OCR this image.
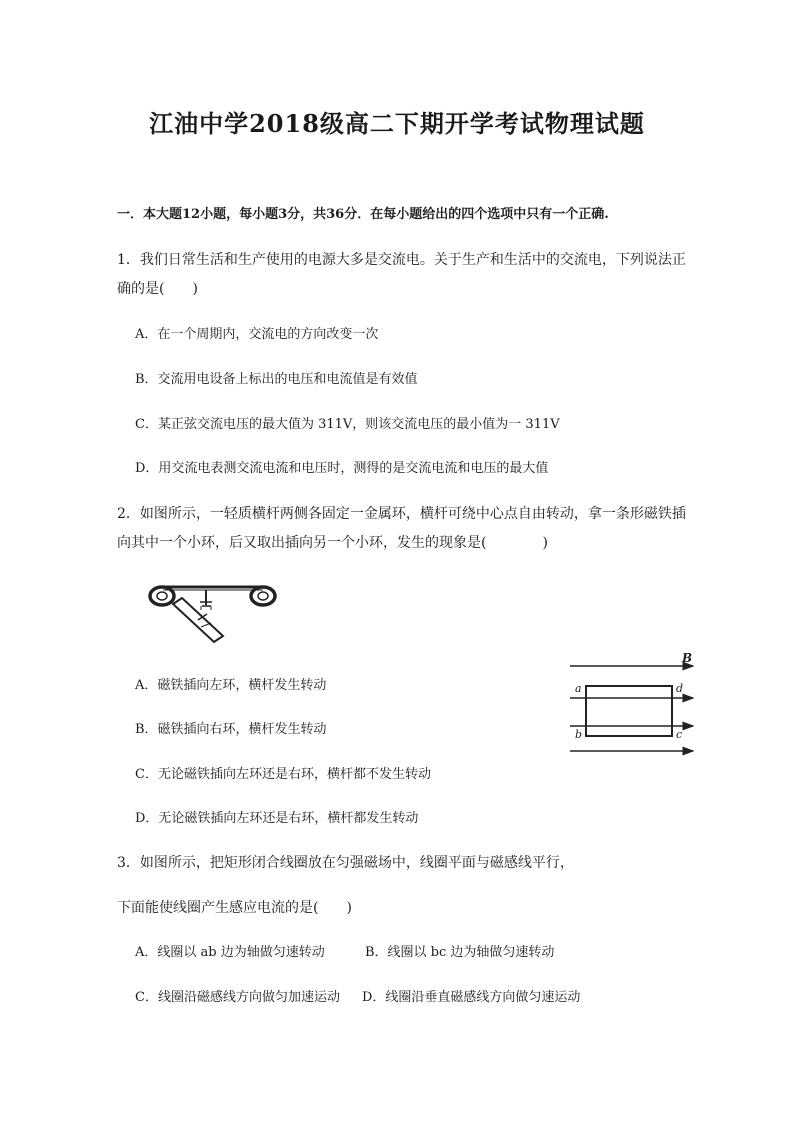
江油中学2018级高二下期开学考试物理试题
一．本大题12小题，每小题3分，共36分．在每小题给出的四个选项中只有一个正确.
1．我们日常生活和生产使用的电源大多是交流电。关于生产和生活中的交流电，下列说法正
确的是(　　)
A．在一个周期内，交流电的方向改变一次
B．交流用电设备上标出的电压和电流值是有效值
C．某正弦交流电压的最大值为 311V，则该交流电压的最小值为一 311V
D．用交流电表测交流电流和电压时，测得的是交流电流和电压的最大值
2．如图所示，一轻质横杆两侧各固定一金属环，横杆可绕中心点自由转动，拿一条形磁铁插
向其中一个小环，后又取出插向另一个小环，发生的现象是(　　　　)
A．磁铁插向左环，横杆发生转动
B．磁铁插向右环，横杆发生转动
C．无论磁铁插向左环还是右环，横杆都不发生转动
D．无论磁铁插向左环还是右环，横杆都发生转动
B
a	d
b	c
3．如图所示，把矩形闭合线圈放在匀强磁场中，线圈平面与磁感线平行，
下面能使线圈产生感应电流的是(　　)
A．线圈以 ab 边为轴做匀速转动	B．线圈以 bc 边为轴做匀速转动
C．线圈沿磁感线方向做匀加速运动 D．线圈沿垂直磁感线方向做匀速运动
